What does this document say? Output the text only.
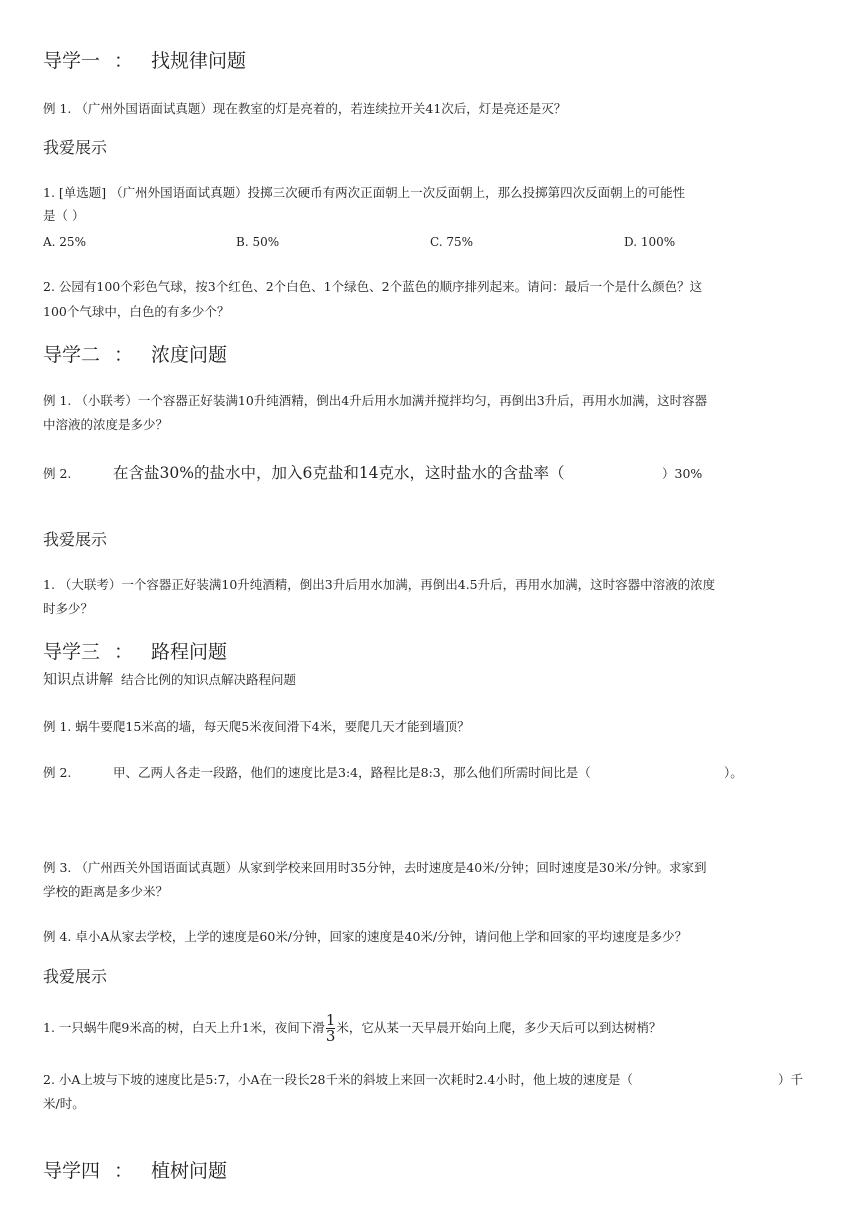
导学一 ： 找规律问题
例 1. （广州外国语面试真题）现在教室的灯是亮着的，若连续拉开关41次后，灯是亮还是灭？
我爱展示
1. [单选题] （广州外国语面试真题）投掷三次硬币有两次正面朝上一次反面朝上，那么投掷第四次反面朝上的可能性
是（ ）
A. 25%	B. 50%	C. 75%	D. 100%
2. 公园有100个彩色气球，按3个红色、2个白色、1个绿色、2个蓝色的顺序排列起来。请问：最后一个是什么颜色？这
100个气球中，白色的有多少个？
导学二 ： 浓度问题
例 1. （小联考）一个容器正好装满10升纯酒精，倒出4升后用水加满并搅拌均匀，再倒出3升后，再用水加满，这时容器
中溶液的浓度是多少？
例 2.	在含盐30%的盐水中，加入6克盐和14克水，这时盐水的含盐率（	）30%
我爱展示
1. （大联考）一个容器正好装满10升纯酒精，倒出3升后用水加满，再倒出4.5升后，再用水加满，这时容器中溶液的浓度
时多少？
导学三 ： 路程问题
知识点讲解 结合比例的知识点解决路程问题
例 1. 蜗牛要爬15米高的墙，每天爬5米夜间滑下4米，要爬几天才能到墙顶？
例 2.	甲、乙两人各走一段路，他们的速度比是3:4，路程比是8:3，那么他们所需时间比是（	）。
例 3. （广州西关外国语面试真题）从家到学校来回用时35分钟，去时速度是40米/分钟；回时速度是30米/分钟。求家到
学校的距离是多少米？
例 4. 卓小A从家去学校，上学的速度是60米/分钟，回家的速度是40米/分钟，请问他上学和回家的平均速度是多少？
我爱展示
1. 一只蜗牛爬9米高的树，白天上升1米，夜间下滑 $\frac{1}{3}$ 米，它从某一天早晨开始向上爬，多少天后可以到达树梢？
2. 小A上坡与下坡的速度比是5:7，小A在一段长28千米的斜坡上来回一次耗时2.4小时，他上坡的速度是（	）千
米/时。
导学四 ： 植树问题
